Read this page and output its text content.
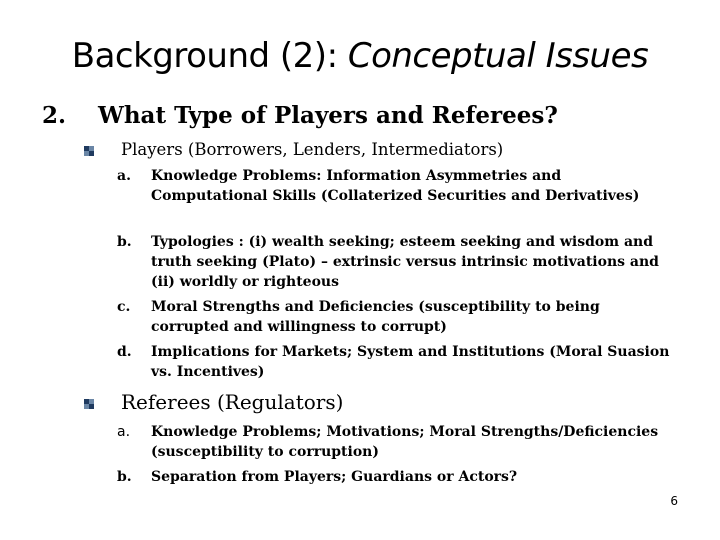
Background (2): Conceptual Issues
2. What Type of Players and Referees?
Players (Borrowers, Lenders, Intermediators)
a.	Knowledge Problems: Information Asymmetries and Computational Skills (Collaterized Securities and Derivatives)
b.	Typologies : (i) wealth seeking; esteem seeking and wisdom and truth seeking (Plato) – extrinsic versus intrinsic motivations and (ii) worldly or righteous
c.	Moral Strengths and Deficiencies (susceptibility to being corrupted and willingness to corrupt)
d.	Implications for Markets; System and Institutions (Moral Suasion vs. Incentives)
Referees (Regulators)
a.	Knowledge Problems; Motivations; Moral Strengths/Deficiencies (susceptibility to corruption)
b.	Separation from Players; Guardians or Actors?
6
